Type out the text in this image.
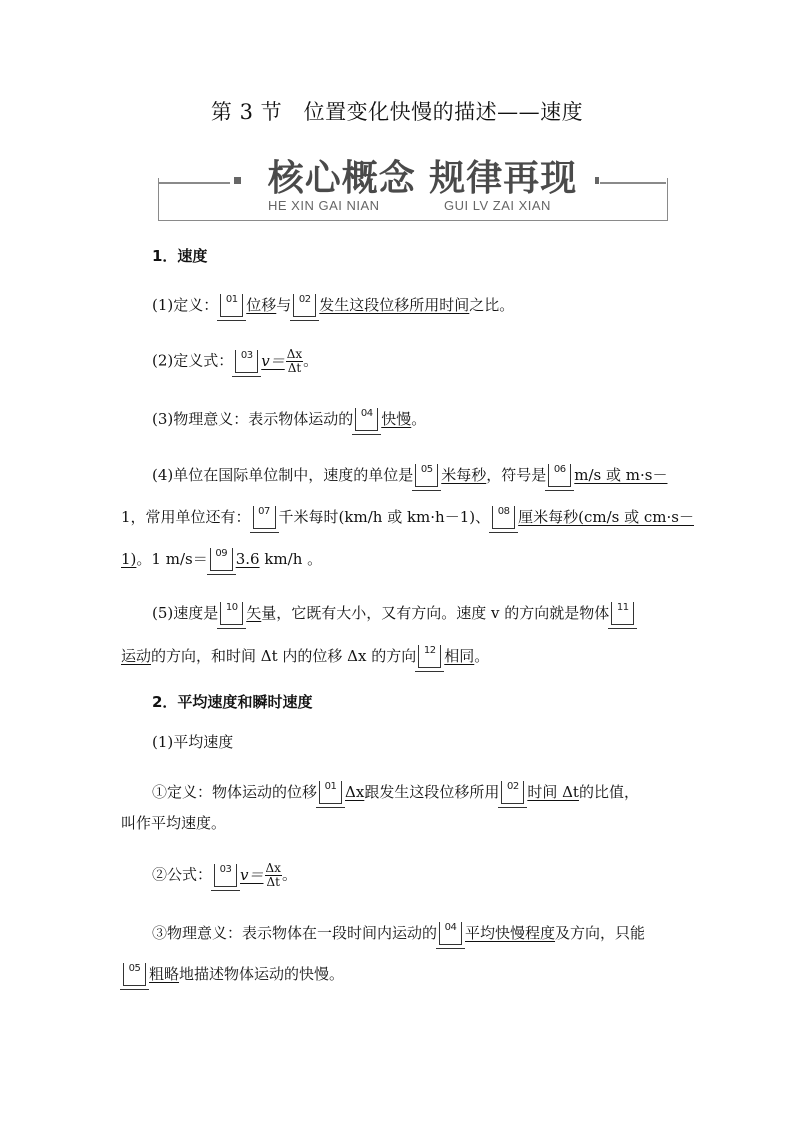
第 3 节　位置变化快慢的描述——速度
核心概念 规律再现
HE XIN GAI NIAN	GUI LV ZAI XIAN
1．速度
(1)定义： 01 位移与 02 发生这段位移所用时间之比。
(2)定义式： 03 $v= \frac{\Delta x}{\Delta t}$ 。
(3)物理意义：表示物体运动的 04 快慢。
(4)单位在国际单位制中，速度的单位是 05 米每秒，符号是 06 m/s 或 m·s－
1，常用单位还有： 07 千米每时(km/h 或 km·h－1)、 08 厘米每秒(cm/s 或 cm·s－
1)。1 m/s＝ 09 3.6 km/h 。
(5)速度是 10 矢量，它既有大小，又有方向。速度 v 的方向就是物体 11
运动的方向，和时间 Δt 内的位移 Δx 的方向 12 相同。
2．平均速度和瞬时速度
(1)平均速度
①定义：物体运动的位移 01 Δx跟发生这段位移所用 02 时间 Δt的比值，
叫作平均速度。
②公式： 03 $v= \frac{\Delta x}{\Delta t}$ 。
③物理意义：表示物体在一段时间内运动的 04 平均快慢程度及方向，只能
05 粗略地描述物体运动的快慢。
